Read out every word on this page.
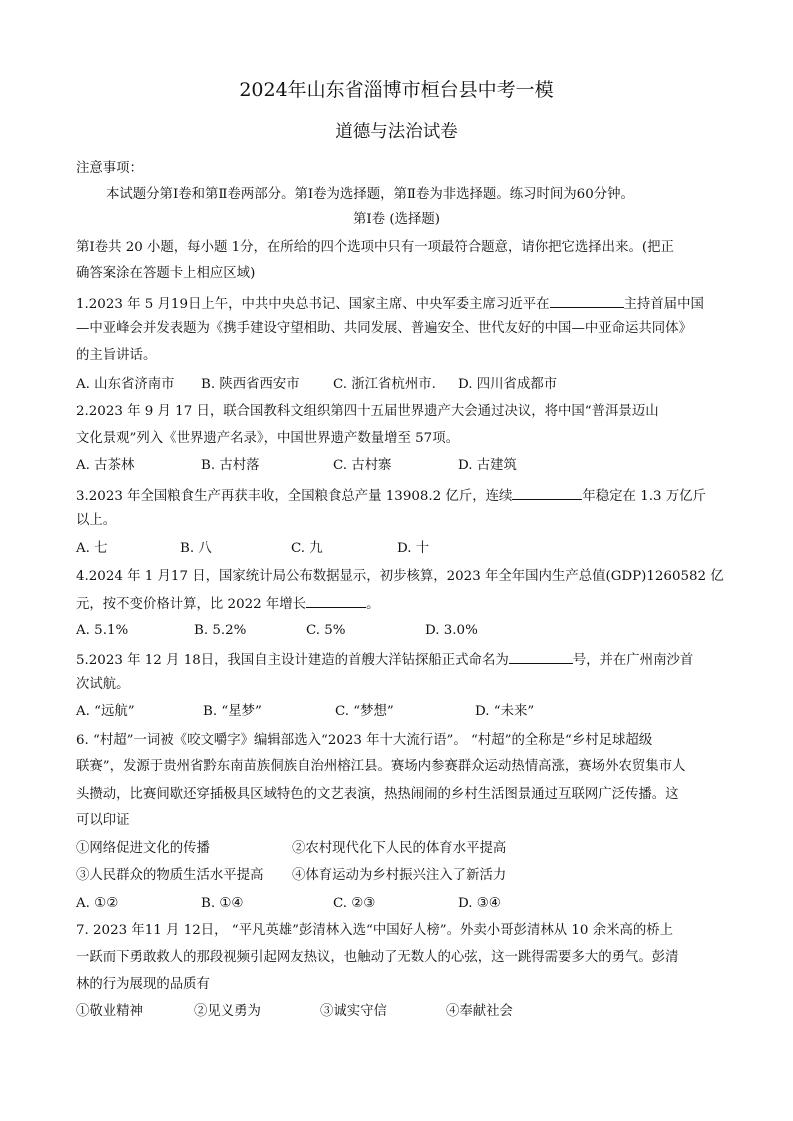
2024年山东省淄博市桓台县中考一模
道德与法治试卷
注意事项：
本试题分第Ⅰ卷和第Ⅱ卷两部分。第Ⅰ卷为选择题，第Ⅱ卷为非选择题。练习时间为60分钟。
第Ⅰ卷 (选择题)
第Ⅰ卷共 20 小题，每小题 1分，在所给的四个选项中只有一项最符合题意，请你把它选择出来。(把正
确答案涂在答题卡上相应区域)
1.2023 年 5 月19日上午，中共中央总书记、国家主席、中央军委主席习近平在	主持首届中国
—中亚峰会并发表题为《携手建设守望相助、共同发展、普遍安全、世代友好的中国—中亚命运共同体》
的主旨讲话。
A. 山东省济南市 B. 陕西省西安市 C. 浙江省杭州市. D. 四川省成都市
2.2023 年 9 月 17 日，联合国教科文组织第四十五届世界遗产大会通过决议，将中国“普洱景迈山
文化景观”列入《世界遗产名录》，中国世界遗产数量增至 57项。
A. 古茶林	B. 古村落	C. 古村寨	D. 古建筑
3.2023 年全国粮食生产再获丰收，全国粮食总产量 13908.2 亿斤，连续	年稳定在 1.3 万亿斤
以上。
A. 七	B. 八	C. 九	D. 十
4.2024 年 1 月17 日，国家统计局公布数据显示，初步核算，2023 年全年国内生产总值(GDP)1260582 亿
元，按不变价格计算，比 2022 年增长	。
A. 5.1%	B. 5.2%	C. 5%	D. 3.0%
5.2023 年 12 月 18日，我国自主设计建造的首艘大洋钻探船正式命名为	号，并在广州南沙首
次试航。
A. “远航”	B. “星梦”	C. “梦想”	D. “未来”
6. “村超”一词被《咬文嚼字》编辑部选入“2023 年十大流行语”。 “村超”的全称是“乡村足球超级
联赛”，发源于贵州省黔东南苗族侗族自治州榕江县。赛场内参赛群众运动热情高涨，赛场外农贸集市人
头攒动，比赛间歇还穿插极具区域特色的文艺表演，热热闹闹的乡村生活图景通过互联网广泛传播。这
可以印证
①网络促进文化的传播	②农村现代化下人民的体育水平提高
③人民群众的物质生活水平提高 ④体育运动为乡村振兴注入了新活力
A. ①②	B. ①④	C. ②③	D. ③④
7. 2023 年11 月 12日， “平凡英雄”彭清林入选“中国好人榜”。外卖小哥彭清林从 10 余米高的桥上
一跃而下勇敢救人的那段视频引起网友热议，也触动了无数人的心弦，这一跳得需要多大的勇气。彭清
林的行为展现的品质有
①敬业精神	②见义勇为	③诚实守信	④奉献社会
